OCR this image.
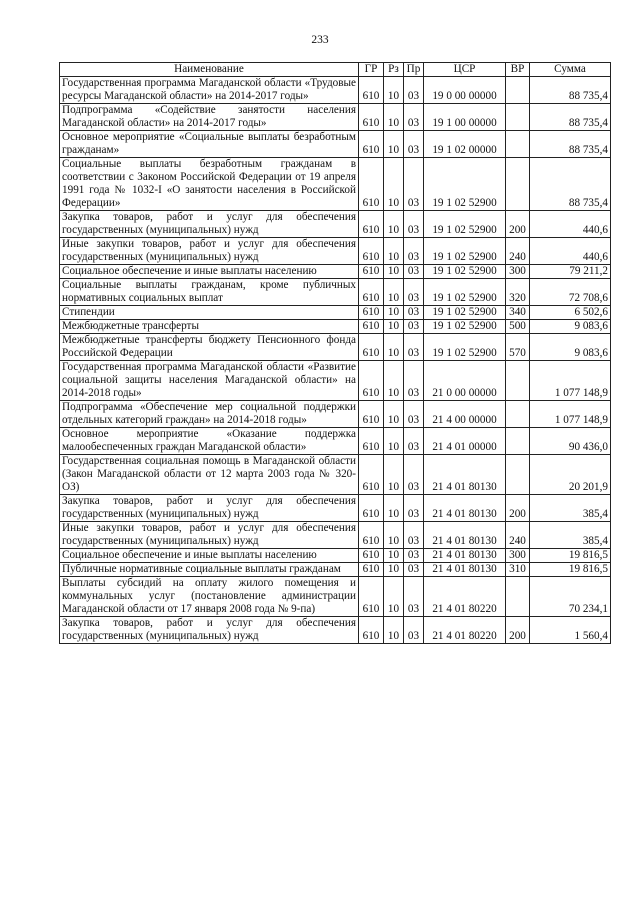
233
Наименование	ГР	Рз	Пр	ЦСР	ВР	Сумма
Государственная программа Магаданской области «Трудовые ресурсы Магаданской области» на 2014-2017 годы»	610	10	03	19 0 00 00000		88 735,4
Подпрограмма «Содействие занятости населения Магаданской области» на 2014-2017 годы»	610	10	03	19 1 00 00000		88 735,4
Основное мероприятие «Социальные выплаты безработным гражданам»	610	10	03	19 1 02 00000		88 735,4
Социальные выплаты безработным гражданам в соответствии с Законом Российской Федерации от 19 апреля 1991 года № 1032-I «О занятости населения в Российской Федерации»	610	10	03	19 1 02 52900		88 735,4
Закупка товаров, работ и услуг для обеспечения государственных (муниципальных) нужд	610	10	03	19 1 02 52900	200	440,6
Иные закупки товаров, работ и услуг для обеспечения государственных (муниципальных) нужд	610	10	03	19 1 02 52900	240	440,6
Социальное обеспечение и иные выплаты населению	610	10	03	19 1 02 52900	300	79 211,2
Социальные выплаты гражданам, кроме публичных нормативных социальных выплат	610	10	03	19 1 02 52900	320	72 708,6
Стипендии	610	10	03	19 1 02 52900	340	6 502,6
Межбюджетные трансферты	610	10	03	19 1 02 52900	500	9 083,6
Межбюджетные трансферты бюджету Пенсионного фонда Российской Федерации	610	10	03	19 1 02 52900	570	9 083,6
Государственная программа Магаданской области «Развитие социальной защиты населения Магаданской области» на 2014-2018 годы»	610	10	03	21 0 00 00000		1 077 148,9
Подпрограмма «Обеспечение мер социальной поддержки отдельных категорий граждан» на 2014-2018 годы»	610	10	03	21 4 00 00000		1 077 148,9
Основное мероприятие «Оказание поддержка малообеспеченных граждан Магаданской области»	610	10	03	21 4 01 00000		90 436,0
Государственная социальная помощь в Магаданской области (Закон Магаданской области от 12 марта 2003 года № 320-ОЗ)	610	10	03	21 4 01 80130		20 201,9
Закупка товаров, работ и услуг для обеспечения государственных (муниципальных) нужд	610	10	03	21 4 01 80130	200	385,4
Иные закупки товаров, работ и услуг для обеспечения государственных (муниципальных) нужд	610	10	03	21 4 01 80130	240	385,4
Социальное обеспечение и иные выплаты населению	610	10	03	21 4 01 80130	300	19 816,5
Публичные нормативные социальные выплаты гражданам	610	10	03	21 4 01 80130	310	19 816,5
Выплаты субсидий на оплату жилого помещения и коммунальных услуг (постановление администрации Магаданской области от 17 января 2008 года № 9-па)	610	10	03	21 4 01 80220		70 234,1
Закупка товаров, работ и услуг для обеспечения государственных (муниципальных) нужд	610	10	03	21 4 01 80220	200	1 560,4
